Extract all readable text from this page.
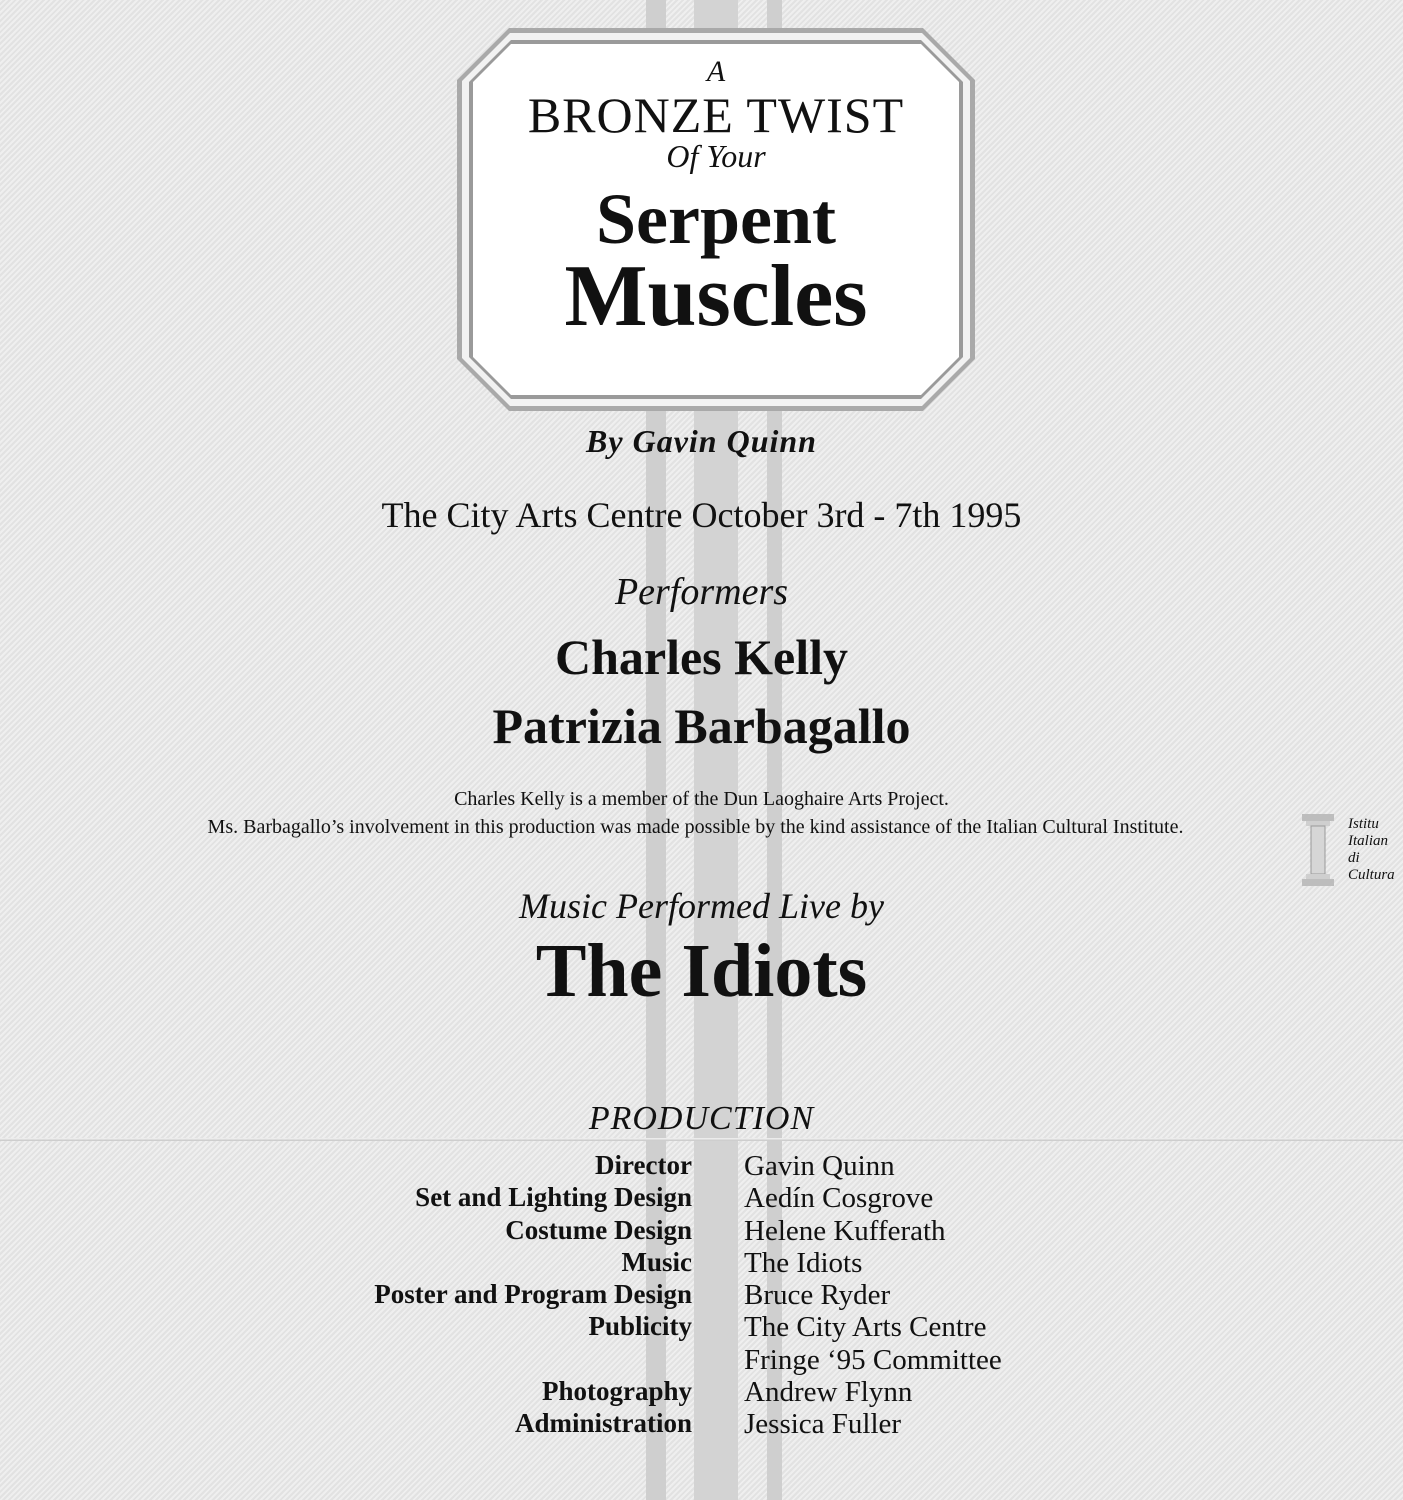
A
BRONZE TWIST
Of Your
Serpent
Muscles
By Gavin Quinn
The City Arts Centre October 3rd - 7th 1995
Performers
Charles Kelly
Patrizia Barbagallo
Charles Kelly is a member of the Dun Laoghaire Arts Project.
Ms. Barbagallo’s involvement in this production was made possible by the kind assistance of the Italian Cultural Institute.	Istitu
Italian
di
Cultura
Music Performed Live by
The Idiots
PRODUCTION
Director Gavin Quinn
Set and Lighting Design Aedín Cosgrove
Costume Design Helene Kufferath
Music The Idiots
Poster and Program Design Bruce Ryder
Publicity The City Arts Centre
Fringe ‘95 Committee
Photography Andrew Flynn
Administration Jessica Fuller
